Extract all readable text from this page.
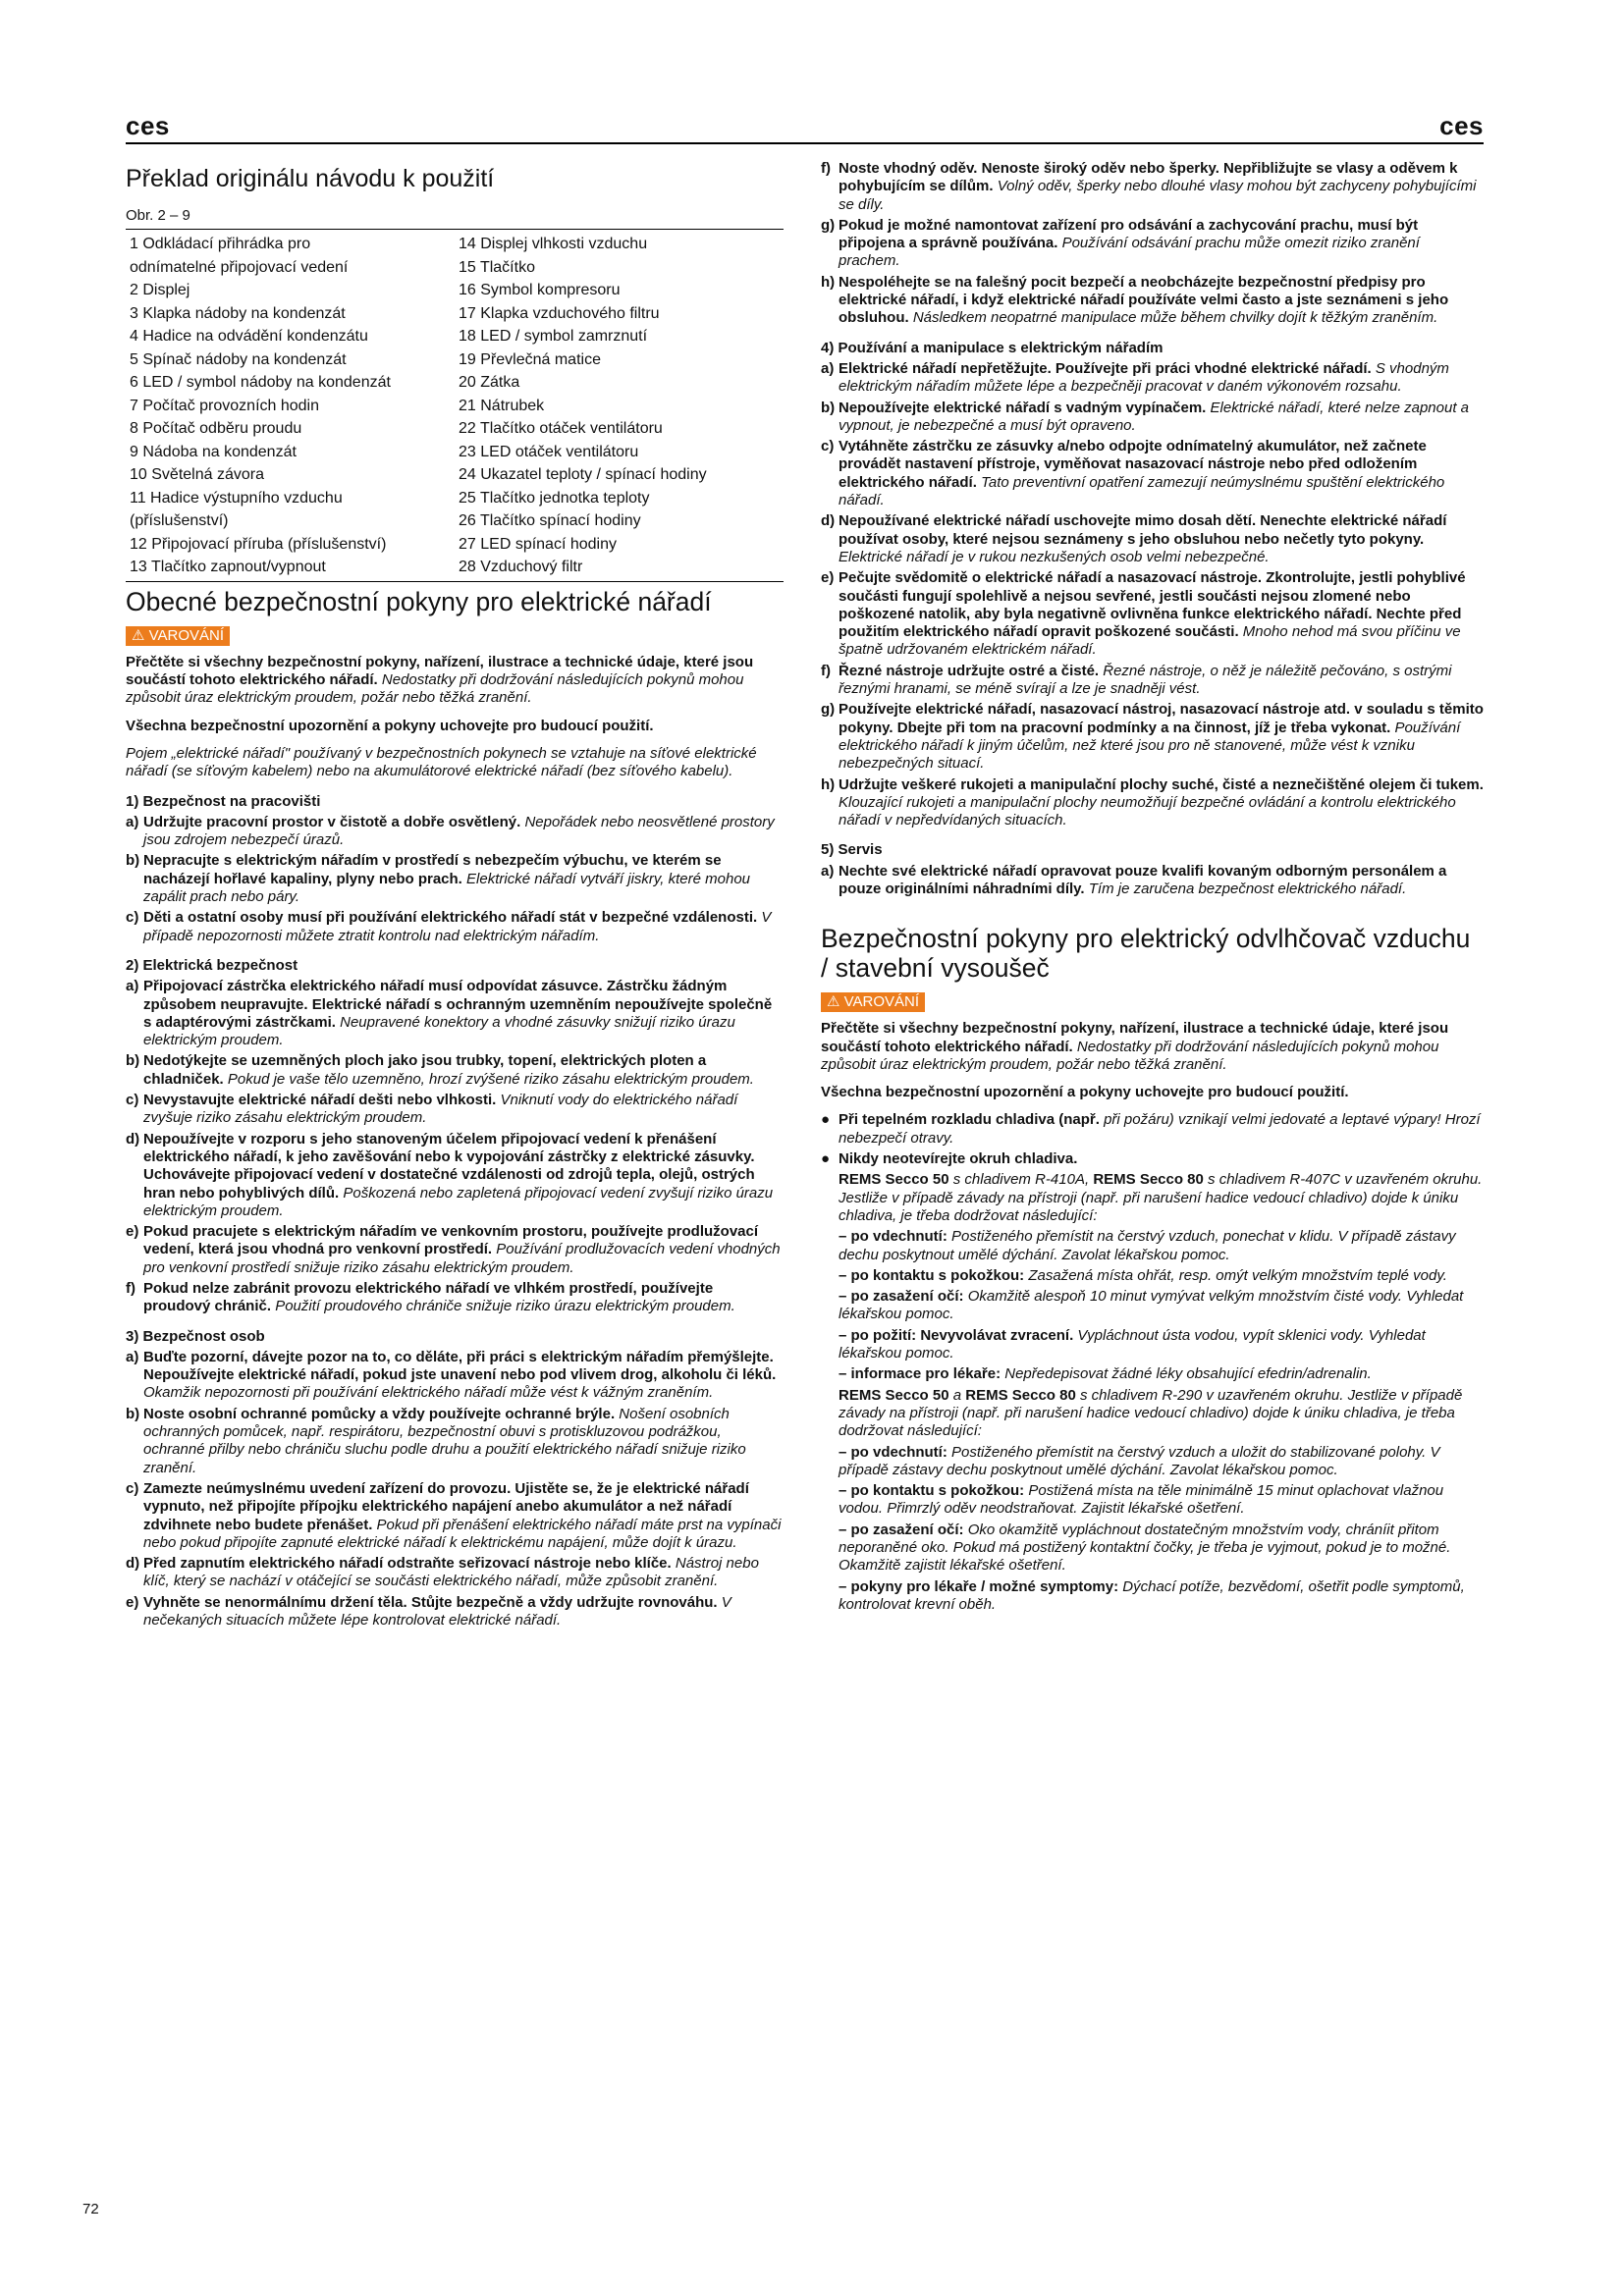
ces	ces
Překlad originálu návodu k použití
Obr. 2 – 9
1 Odkládací přihrádka pro
odnímatelné připojovací vedení
2 Displej
3 Klapka nádoby na kondenzát
4 Hadice na odvádění kondenzátu
5 Spínač nádoby na kondenzát
6 LED / symbol nádoby na kondenzát
7 Počítač provozních hodin
8 Počítač odběru proudu
9 Nádoba na kondenzát
10 Světelná závora
11 Hadice výstupního vzduchu
(příslušenství)
12 Připojovací příruba (příslušenství)
13 Tlačítko zapnout/vypnout
14 Displej vlhkosti vzduchu
15 Tlačítko
16 Symbol kompresoru
17 Klapka vzduchového filtru
18 LED / symbol zamrznutí
19 Převlečná matice
20 Zátka
21 Nátrubek
22 Tlačítko otáček ventilátoru
23 LED otáček ventilátoru
24 Ukazatel teploty / spínací hodiny
25 Tlačítko jednotka teploty
26 Tlačítko spínací hodiny
27 LED spínací hodiny
28 Vzduchový filtr
Obecné bezpečnostní pokyny pro elektrické nářadí
⚠ VAROVÁNÍ
Přečtěte si všechny bezpečnostní pokyny, nařízení, ilustrace a technické údaje, které jsou součástí tohoto elektrického nářadí. Nedostatky při dodržování následujících pokynů mohou způsobit úraz elektrickým proudem, požár nebo těžká zranění.
Všechna bezpečnostní upozornění a pokyny uchovejte pro budoucí použití.
Pojem „elektrické nářadí" používaný v bezpečnostních pokynech se vztahuje na síťové elektrické nářadí (se síťovým kabelem) nebo na akumulátorové elektrické nářadí (bez síťového kabelu).
1) Bezpečnost na pracovišti
a) Udržujte pracovní prostor v čistotě a dobře osvětlený. Nepořádek nebo neosvětlené prostory jsou zdrojem nebezpečí úrazů.
b) Nepracujte s elektrickým nářadím v prostředí s nebezpečím výbuchu, ve kterém se nacházejí hořlavé kapaliny, plyny nebo prach. Elektrické nářadí vytváří jiskry, které mohou zapálit prach nebo páry.
c) Děti a ostatní osoby musí při používání elektrického nářadí stát v bezpečné vzdálenosti. V případě nepozornosti můžete ztratit kontrolu nad elektrickým nářadím.
2) Elektrická bezpečnost
a) Připojovací zástrčka elektrického nářadí musí odpovídat zásuvce. Zástrčku žádným způsobem neupravujte. Elektrické nářadí s ochranným uzemněním nepoužívejte společně s adaptérovými zástrčkami. Neupravené konektory a vhodné zásuvky snižují riziko úrazu elektrickým proudem.
b) Nedotýkejte se uzemněných ploch jako jsou trubky, topení, elektrických ploten a chladniček. Pokud je vaše tělo uzemněno, hrozí zvýšené riziko zásahu elektrickým proudem.
c) Nevystavujte elektrické nářadí dešti nebo vlhkosti. Vniknutí vody do elektrického nářadí zvyšuje riziko zásahu elektrickým proudem.
d) Nepoužívejte v rozporu s jeho stanoveným účelem připojovací vedení k přenášení elektrického nářadí, k jeho zavěšování nebo k vypojování zástrčky z elektrické zásuvky. Uchovávejte připojovací vedení v dostatečné vzdálenosti od zdrojů tepla, olejů, ostrých hran nebo pohyblivých dílů. Poškozená nebo zapletená připojovací vedení zvyšují riziko úrazu elektrickým proudem.
e) Pokud pracujete s elektrickým nářadím ve venkovním prostoru, používejte prodlužovací vedení, která jsou vhodná pro venkovní prostředí. Používání prodlužovacích vedení vhodných pro venkovní prostředí snižuje riziko zásahu elektrickým proudem.
f) Pokud nelze zabránit provozu elektrického nářadí ve vlhkém prostředí, používejte proudový chránič. Použití proudového chrániče snižuje riziko úrazu elektrickým proudem.
3) Bezpečnost osob
a) Buďte pozorní, dávejte pozor na to, co děláte, při práci s elektrickým nářadím přemýšlejte. Nepoužívejte elektrické nářadí, pokud jste unavení nebo pod vlivem drog, alkoholu či léků. Okamžik nepozornosti při používání elektrického nářadí může vést k vážným zraněním.
b) Noste osobní ochranné pomůcky a vždy používejte ochranné brýle. Nošení osobních ochranných pomůcek, např. respirátoru, bezpečnostní obuvi s protiskluzovou podrážkou, ochranné přilby nebo chrániču sluchu podle druhu a použití elektrického nářadí snižuje riziko zranění.
c) Zamezte neúmyslnému uvedení zařízení do provozu. Ujistěte se, že je elektrické nářadí vypnuto, než připojíte přípojku elektrického napájení anebo akumulátor a než nářadí zdvihnete nebo budete přenášet. Pokud při přenášení elektrického nářadí máte prst na vypínači nebo pokud připojíte zapnuté elektrické nářadí k elektrickému napájení, může dojít k úrazu.
d) Před zapnutím elektrického nářadí odstraňte seřizovací nástroje nebo klíče. Nástroj nebo klíč, který se nachází v otáčející se součásti elektrického nářadí, může způsobit zranění.
e) Vyhněte se nenormálnímu držení těla. Stůjte bezpečně a vždy udržujte rovnováhu. V nečekaných situacích můžete lépe kontrolovat elektrické nářadí.
f) Noste vhodný oděv. Nenoste široký oděv nebo šperky. Nepřibližujte se vlasy a oděvem k pohybujícím se dílům. Volný oděv, šperky nebo dlouhé vlasy mohou být zachyceny pohybujícími se díly.
g) Pokud je možné namontovat zařízení pro odsávání a zachycování prachu, musí být připojena a správně používána. Používání odsávání prachu může omezit riziko zranění prachem.
h) Nespoléhejte se na falešný pocit bezpečí a neobcházejte bezpečnostní předpisy pro elektrické nářadí, i když elektrické nářadí používáte velmi často a jste seznámeni s jeho obsluhou. Následkem neopatrné manipulace může během chvilky dojít k těžkým zraněním.
4) Používání a manipulace s elektrickým nářadím
a) Elektrické nářadí nepřetěžujte. Používejte při práci vhodné elektrické nářadí. S vhodným elektrickým nářadím můžete lépe a bezpečněji pracovat v daném výkonovém rozsahu.
b) Nepoužívejte elektrické nářadí s vadným vypínačem. Elektrické nářadí, které nelze zapnout a vypnout, je nebezpečné a musí být opraveno.
c) Vytáhněte zástrčku ze zásuvky a/nebo odpojte odnímatelný akumulátor, než začnete provádět nastavení přístroje, vyměňovat nasazovací nástroje nebo před odložením elektrického nářadí. Tato preventivní opatření zamezují neúmyslnému spuštění elektrického nářadí.
d) Nepoužívané elektrické nářadí uschovejte mimo dosah dětí. Nenechte elektrické nářadí používat osoby, které nejsou seznámeny s jeho obsluhou nebo nečetly tyto pokyny. Elektrické nářadí je v rukou nezkušených osob velmi nebezpečné.
e) Pečujte svědomitě o elektrické nářadí a nasazovací nástroje. Zkontrolujte, jestli pohyblivé součásti fungují spolehlivě a nejsou sevřené, jestli součásti nejsou zlomené nebo poškozené natolik, aby byla negativně ovlivněna funkce elektrického nářadí. Nechte před použitím elektrického nářadí opravit poškozené součásti. Mnoho nehod má svou příčinu ve špatně udržovaném elektrickém nářadí.
f) Řezné nástroje udržujte ostré a čisté. Řezné nástroje, o něž je náležitě pečováno, s ostrými řeznými hranami, se méně svírají a lze je snadněji vést.
g) Používejte elektrické nářadí, nasazovací nástroj, nasazovací nástroje atd. v souladu s těmito pokyny. Dbejte při tom na pracovní podmínky a na činnost, jíž je třeba vykonat. Používání elektrického nářadí k jiným účelům, než které jsou pro ně stanovené, může vést k vzniku nebezpečných situací.
h) Udržujte veškeré rukojeti a manipulační plochy suché, čisté a neznečištěné olejem či tukem. Klouzající rukojeti a manipulační plochy neumožňují bezpečné ovládání a kontrolu elektrického nářadí v nepředvídaných situacích.
5) Servis
a) Nechte své elektrické nářadí opravovat pouze kvalifi kovaným odborným personálem a pouze originálními náhradními díly. Tím je zaručena bezpečnost elektrického nářadí.
Bezpečnostní pokyny pro elektrický odvlhčovač vzduchu / stavební vysoušeč
⚠ VAROVÁNÍ
Přečtěte si všechny bezpečnostní pokyny, nařízení, ilustrace a technické údaje, které jsou součástí tohoto elektrického nářadí. Nedostatky při dodržování následujících pokynů mohou způsobit úraz elektrickým proudem, požár nebo těžká zranění.
Všechna bezpečnostní upozornění a pokyny uchovejte pro budoucí použití.
● Při tepelném rozkladu chladiva (např. při požáru) vznikají velmi jedovaté a leptavé výpary! Hrozí nebezpečí otravy.
● Nikdy neotevírejte okruh chladiva.
REMS Secco 50 s chladivem R-410A, REMS Secco 80 s chladivem R-407C v uzavřeném okruhu. Jestliže v případě závady na přístroji (např. při narušení hadice vedoucí chladivo) dojde k úniku chladiva, je třeba dodržovat následující:
– po vdechnutí: Postiženého přemístit na čerstvý vzduch, ponechat v klidu. V případě zástavy dechu poskytnout umělé dýchání. Zavolat lékařskou pomoc.
– po kontaktu s pokožkou: Zasažená místa ohřát, resp. omýt velkým množstvím teplé vody.
– po zasažení očí: Okamžitě alespoň 10 minut vymývat velkým množstvím čisté vody. Vyhledat lékařskou pomoc.
– po požití: Nevyvolávat zvracení. Vypláchnout ústa vodou, vypít sklenici vody. Vyhledat lékařskou pomoc.
– informace pro lékaře: Nepředepisovat žádné léky obsahující efedrin/adrenalin.
REMS Secco 50 a REMS Secco 80 s chladivem R-290 v uzavřeném okruhu. Jestliže v případě závady na přístroji (např. při narušení hadice vedoucí chladivo) dojde k úniku chladiva, je třeba dodržovat následující:
– po vdechnutí: Postiženého přemístit na čerstvý vzduch a uložit do stabilizované polohy. V případě zástavy dechu poskytnout umělé dýchání. Zavolat lékařskou pomoc.
– po kontaktu s pokožkou: Postižená místa na těle minimálně 15 minut oplachovat vlažnou vodou. Přimrzlý oděv neodstraňovat. Zajistit lékařské ošetření.
– po zasažení očí: Oko okamžitě vypláchnout dostatečným množstvím vody, chráníit přitom neporaněné oko. Pokud má postižený kontaktní čočky, je třeba je vyjmout, pokud je to možné. Okamžitě zajistit lékařské ošetření.
– pokyny pro lékaře / možné symptomy: Dýchací potíže, bezvědomí, ošetřit podle symptomů, kontrolovat krevní oběh.
72
